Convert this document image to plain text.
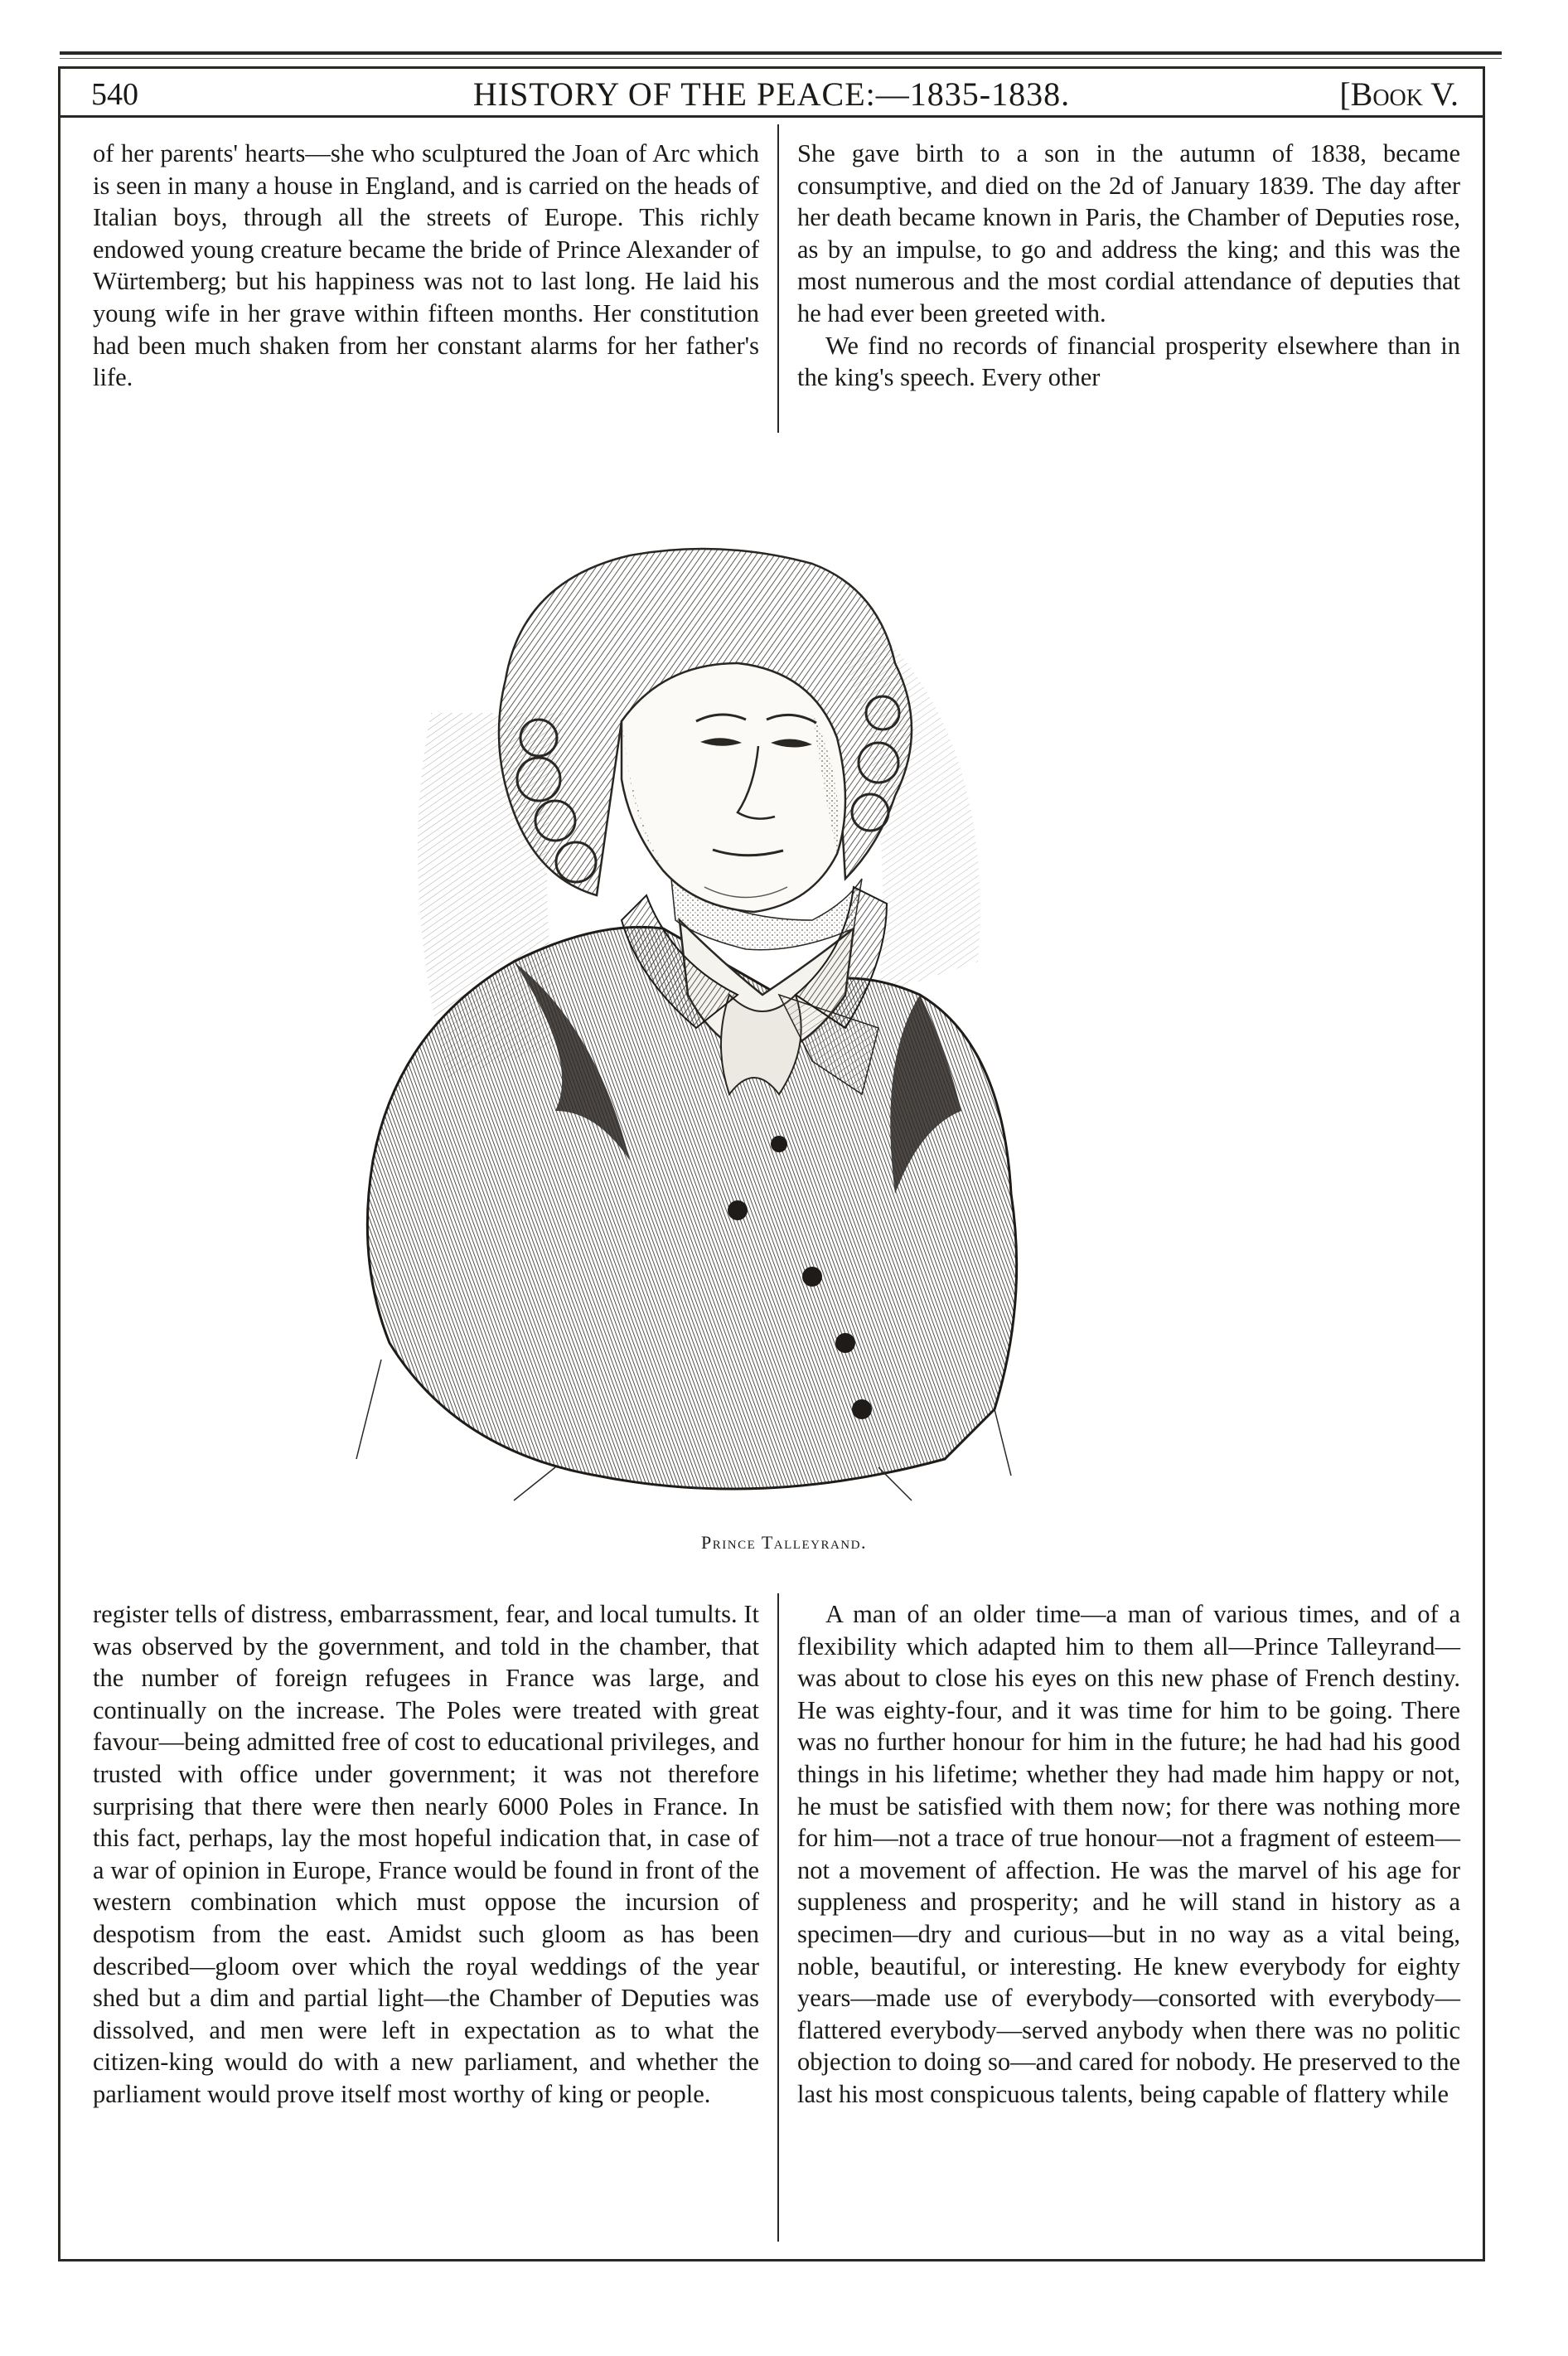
540	HISTORY OF THE PEACE:—1835-1838.	[Book V.

of her parents' hearts—she who sculptured the Joan of Arc which is seen in many a house in England, and is carried on the heads of Italian boys, through all the streets of Europe. This richly endowed young creature became the bride of Prince Alexander of Würtemberg; but his happiness was not to last long. He laid his young wife in her grave within fifteen months. Her constitution had been much shaken from her constant alarms for her father's life.

She gave birth to a son in the autumn of 1838, became consumptive, and died on the 2d of January 1839. The day after her death became known in Paris, the Chamber of Deputies rose, as by an impulse, to go and address the king; and this was the most numerous and the most cordial attendance of deputies that he had ever been greeted with.

We find no records of financial prosperity elsewhere than in the king's speech. Every other

Prince Talleyrand.

register tells of distress, embarrassment, fear, and local tumults. It was observed by the government, and told in the chamber, that the number of foreign refugees in France was large, and continually on the increase. The Poles were treated with great favour—being admitted free of cost to educational privileges, and trusted with office under government; it was not therefore surprising that there were then nearly 6000 Poles in France. In this fact, perhaps, lay the most hopeful indication that, in case of a war of opinion in Europe, France would be found in front of the western combination which must oppose the incursion of despotism from the east. Amidst such gloom as has been described—gloom over which the royal weddings of the year shed but a dim and partial light—the Chamber of Deputies was dissolved, and men were left in expectation as to what the citizen-king would do with a new parliament, and whether the parliament would prove itself most worthy of king or people.

A man of an older time—a man of various times, and of a flexibility which adapted him to them all—Prince Talleyrand—was about to close his eyes on this new phase of French destiny. He was eighty-four, and it was time for him to be going. There was no further honour for him in the future; he had had his good things in his lifetime; whether they had made him happy or not, he must be satisfied with them now; for there was nothing more for him—not a trace of true honour—not a fragment of esteem—not a movement of affection. He was the marvel of his age for suppleness and prosperity; and he will stand in history as a specimen—dry and curious—but in no way as a vital being, noble, beautiful, or interesting. He knew everybody for eighty years—made use of everybody—consorted with everybody—flattered everybody—served anybody when there was no politic objection to doing so—and cared for nobody. He preserved to the last his most conspicuous talents, being capable of flattery while
